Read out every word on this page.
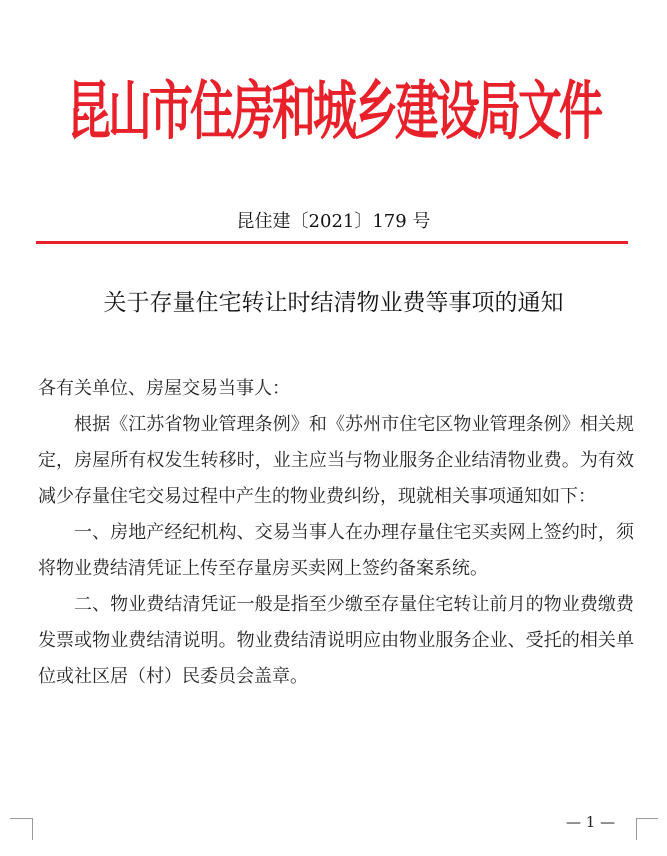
昆山市住房和城乡建设局文件
昆住建〔2021〕179 号
关于存量住宅转让时结清物业费等事项的通知

各有关单位、房屋交易当事人：

根据《江苏省物业管理条例》和《苏州市住宅区物业管理条例》相关规定，房屋所有权发生转移时，业主应当与物业服务企业结清物业费。为有效减少存量住宅交易过程中产生的物业费纠纷，现就相关事项通知如下：

一、房地产经纪机构、交易当事人在办理存量住宅买卖网上签约时，须将物业费结清凭证上传至存量房买卖网上签约备案系统。

二、物业费结清凭证一般是指至少缴至存量住宅转让前月的物业费缴费发票或物业费结清说明。物业费结清说明应由物业服务企业、受托的相关单位或社区居（村）民委员会盖章。

— 1 —
